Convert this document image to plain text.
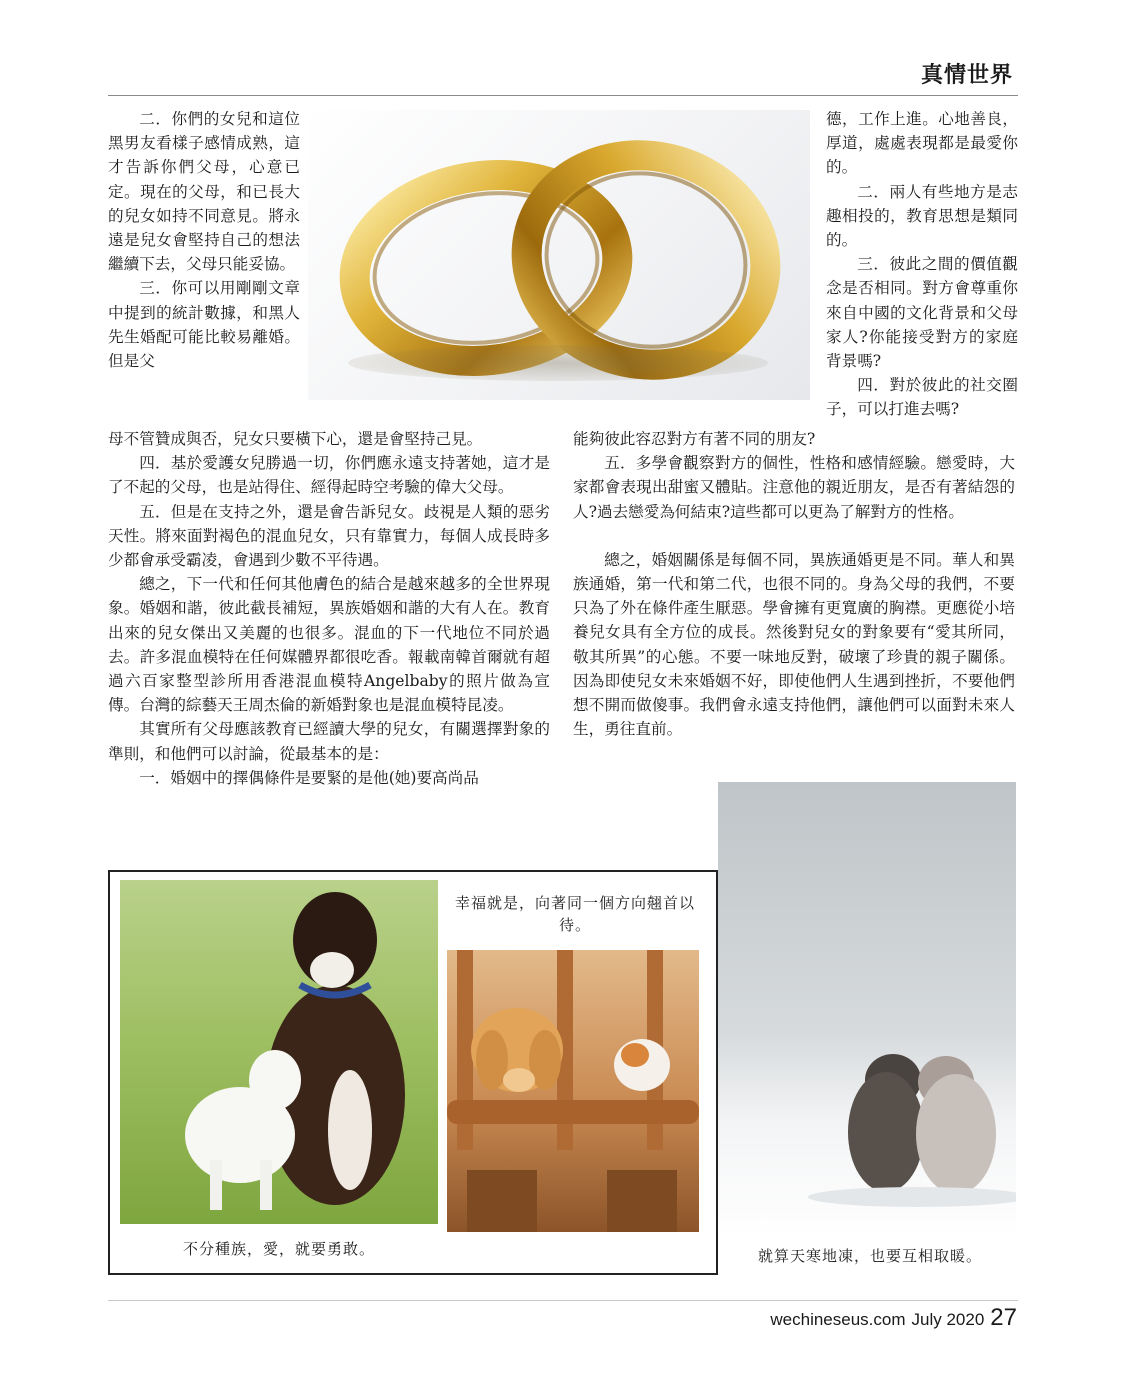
真情世界

二．你們的女兒和這位黑男友看樣子感情成熟，這才告訴你們父母，心意已定。現在的父母，和已長大的兒女如持不同意見。將永遠是兒女會堅持自己的想法繼續下去，父母只能妥協。

三．你可以用剛剛文章中提到的統計數據，和黑人先生婚配可能比較易離婚。但是父

德，工作上進。心地善良，厚道，處處表現都是最愛你的。

二．兩人有些地方是志趣相投的，教育思想是類同的。

三．彼此之間的價值觀念是否相同。對方會尊重你來自中國的文化背景和父母家人?你能接受對方的家庭背景嗎?

四．對於彼此的社交圈子，可以打進去嗎?

母不管贊成與否，兒女只要橫下心，還是會堅持己見。

四．基於愛護女兒勝過一切，你們應永遠支持著她，這才是了不起的父母，也是站得住、經得起時空考驗的偉大父母。

五．但是在支持之外，還是會告訴兒女。歧視是人類的惡劣天性。將來面對褐色的混血兒女，只有靠實力，每個人成長時多少都會承受霸凌，會遇到少數不平待遇。

總之，下一代和任何其他膚色的結合是越來越多的全世界現象。婚姻和諧，彼此截長補短，異族婚姻和諧的大有人在。教育出來的兒女傑出又美麗的也很多。混血的下一代地位不同於過去。許多混血模特在任何媒體界都很吃香。報載南韓首爾就有超過六百家整型診所用香港混血模特Angelbaby的照片做為宣傳。台灣的綜藝天王周杰倫的新婚對象也是混血模特昆凌。

其實所有父母應該教育已經讀大學的兒女，有關選擇對象的準則，和他們可以討論，從最基本的是：

一．婚姻中的擇偶條件是要緊的是他(她)要高尚品

能夠彼此容忍對方有著不同的朋友?

五．多學會觀察對方的個性，性格和感情經驗。戀愛時，大家都會表現出甜蜜又體貼。注意他的親近朋友，是否有著結怨的人?過去戀愛為何結束?這些都可以更為了解對方的性格。

總之，婚姻關係是每個不同，異族通婚更是不同。華人和異族通婚，第一代和第二代，也很不同的。身為父母的我們，不要只為了外在條件產生厭惡。學會擁有更寬廣的胸襟。更應從小培養兒女具有全方位的成長。然後對兒女的對象要有“愛其所同，敬其所異”的心態。不要一味地反對，破壞了珍貴的親子關係。因為即使兒女未來婚姻不好，即使他們人生遇到挫折，不要他們想不開而做傻事。我們會永遠支持他們，讓他們可以面對未來人生，勇往直前。

不分種族，愛，就要勇敢。
幸福就是，向著同一個方向翹首以待。
就算天寒地凍，也要互相取暖。
wechineseus.com July 2020 27
